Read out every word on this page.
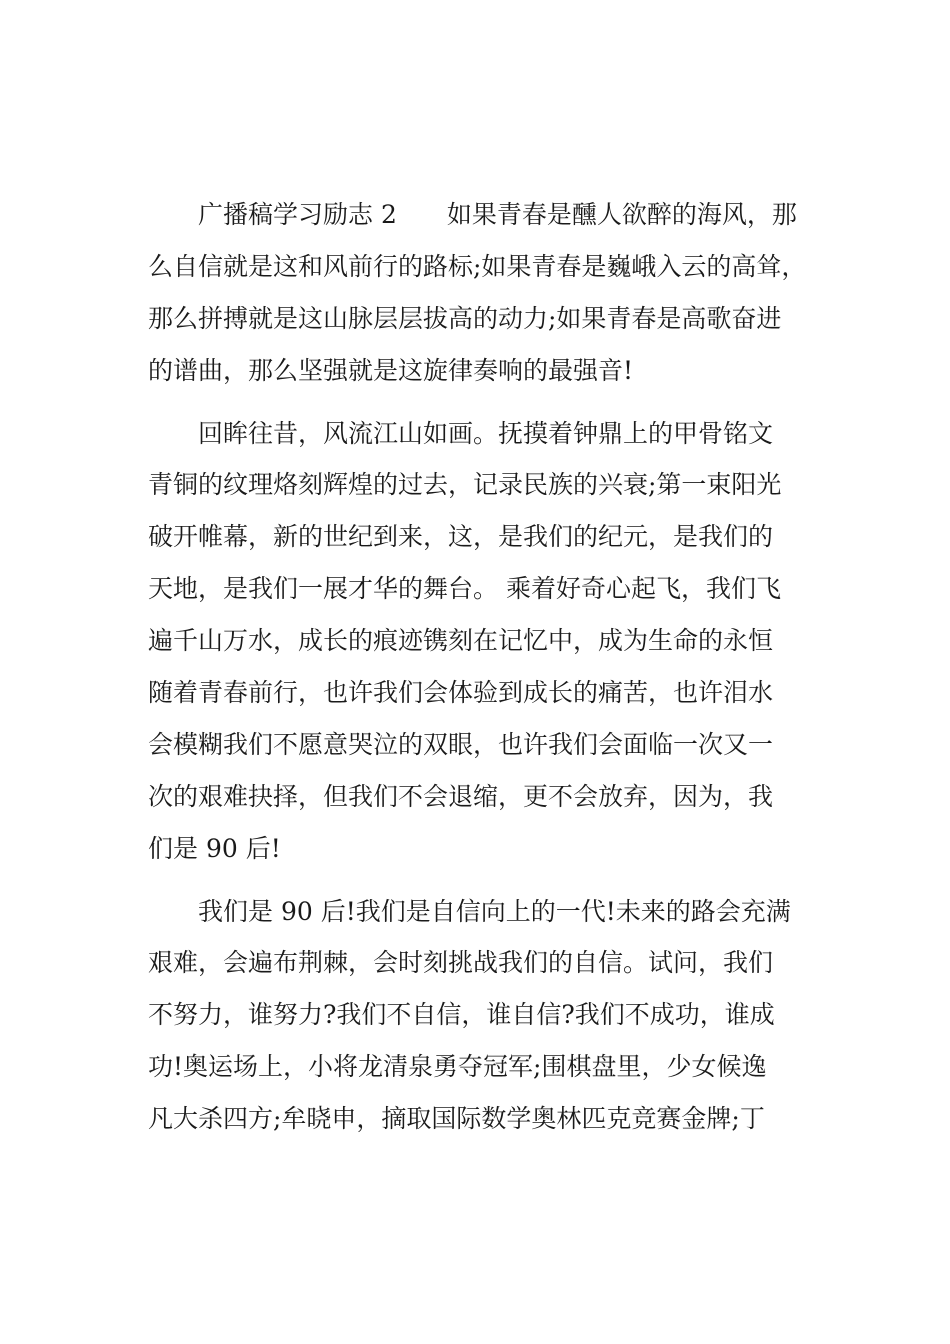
广播稿学习励志 2　　如果青春是醺人欲醉的海风，那
么自信就是这和风前行的路标;如果青春是巍峨入云的高耸，
那么拼搏就是这山脉层层拔高的动力;如果青春是高歌奋进
的谱曲，那么坚强就是这旋律奏响的最强音!
回眸往昔，风流江山如画。抚摸着钟鼎上的甲骨铭文
青铜的纹理烙刻辉煌的过去，记录民族的兴衰;第一束阳光
破开帷幕，新的世纪到来，这，是我们的纪元，是我们的
天地，是我们一展才华的舞台。 乘着好奇心起飞，我们飞
遍千山万水，成长的痕迹镌刻在记忆中，成为生命的永恒
随着青春前行，也许我们会体验到成长的痛苦，也许泪水
会模糊我们不愿意哭泣的双眼，也许我们会面临一次又一
次的艰难抉择，但我们不会退缩，更不会放弃，因为，我
们是 90 后!
我们是 90 后!我们是自信向上的一代!未来的路会充满
艰难，会遍布荆棘，会时刻挑战我们的自信。试问，我们
不努力，谁努力?我们不自信，谁自信?我们不成功，谁成
功!奥运场上，小将龙清泉勇夺冠军;围棋盘里，少女候逸
凡大杀四方;牟晓申，摘取国际数学奥林匹克竞赛金牌;丁
